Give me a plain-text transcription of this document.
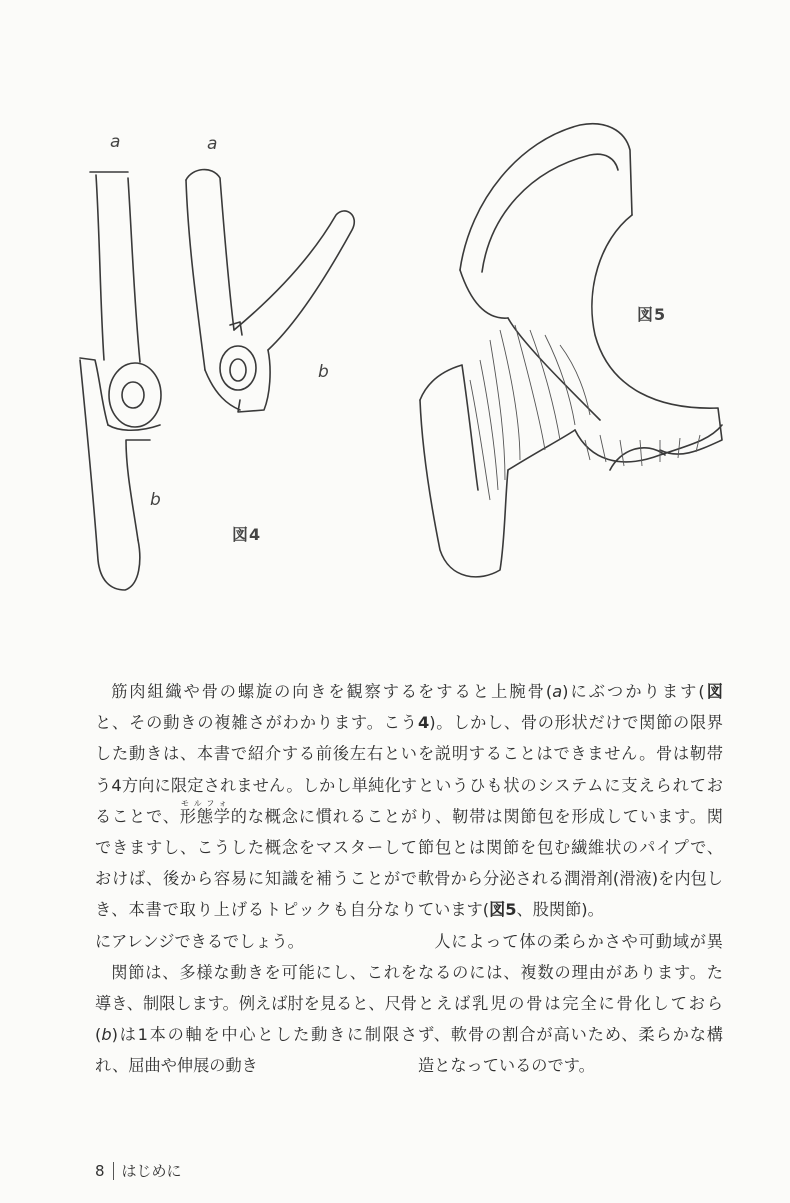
a	a
b
b
図4
図5

筋肉組織や骨の螺旋の向きを観察すると、その動きの複雑さがわかります。こうした動きは、本書で紹介する前後左右という4方向に限定されません。しかし単純化することで、形態学モルフォ的な概念に慣れることができますし、こうした概念をマスターしておけば、後から容易に知識を補うことができ、本書で取り上げるトピックも自分なりにアレンジできるでしょう。

関節は、多様な動きを可能にし、これを導き、制限します。例えば肘を見ると、尺骨(b)は1本の軸を中心とした動きに制限され、屈曲や伸展の動き

をすると上腕骨(a)にぶつかります(図4)。しかし、骨の形状だけで関節の限界を説明することはできません。骨は靭帯というひも状のシステムに支えられており、靭帯は関節包を形成しています。関節包とは関節を包む繊維状のパイプで、軟骨から分泌される潤滑剤(滑液)を内包しています(図5、股関節)。

人によって体の柔らかさや可動域が異なるのには、複数の理由があります。たとえば乳児の骨は完全に骨化しておらず、軟骨の割合が高いため、柔らかな構造となっているのです。

8 はじめに
